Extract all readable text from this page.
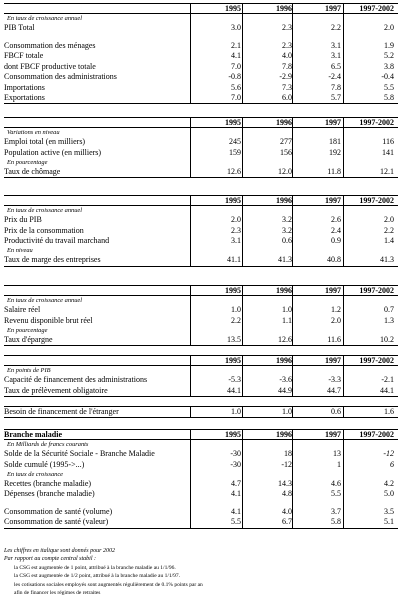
1995	1996	1997	1997-2002
En taux de croissance annuel
PIB Total	3.0	2.3	2.2	2.0
Consommation des ménages	2.1	2.3	3.1	1.9
FBCF totale	4.1	4.0	3.1	5.2
dont FBCF productive totale	7.0	7.8	6.5	3.8
Consommation des administrations	-0.8	-2.9	-2.4	-0.4
Importations	5.6	7.3	7.8	5.5
Exportations	7.0	6.0	5.7	5.8
1995	1996	1997	1997-2002
Variations en niveau
Emploi total (en milliers)	245	277	181	116
Population active (en milliers)	159	156	192	141
En pourcentage
Taux de chômage	12.6	12.0	11.8	12.1
1995	1996	1997	1997-2002
En taux de croissance annuel
Prix du PIB	2.0	3.2	2.6	2.0
Prix de la consommation	2.3	3.2	2.4	2.2
Productivité du travail marchand	3.1	0.6	0.9	1.4
En niveau
Taux de marge des entreprises	41.1	41.3	40.8	41.3
1995	1996	1997	1997-2002
En taux de croissance annuel
Salaire réel	1.0	1.0	1.2	0.7
Revenu disponible brut réel	2.2	1.1	2.0	1.3
En pourcentage
Taux d'épargne	13.5	12.6	11.6	10.2
1995	1996	1997	1997-2002
En points de PIB
Capacité de financement des administrations	-5.3	-3.6	-3.3	-2.1
Taux de prélèvement obligatoire	44.1	44.9	44.7	44.1
Besoin de financement de l'étranger	1.0	1.0	0.6	1.6
Branche maladie	1995	1996	1997	1997-2002
En Milliards de francs courants
Solde de la Sécurité Sociale - Branche Maladie	-30	18	13	-12
Solde cumulé (1995->...)	-30	-12	1	6
En taux de croissance
Recettes (branche maladie)	4.7	14.3	4.6	4.2
Dépenses (branche maladie)	4.1	4.8	5.5	5.0
Consommation de santé (volume)	4.1	4.0	3.7	3.5
Consommation de santé (valeur)	5.5	6.7	5.8	5.1
Les chiffres en italique sont donnés pour 2002
Par rapport au compte central stabil :
la CSG est augmentée de 1 point, attribué à la branche maladie au 1/1/96.
la CSG est augmentée de 1/2 point, attribué à la branche maladie au 1/1/97.
les cotisations sociales employés sont augmentés régulièrement de 0.1% points par an
afin de financer les régimes de retraites
